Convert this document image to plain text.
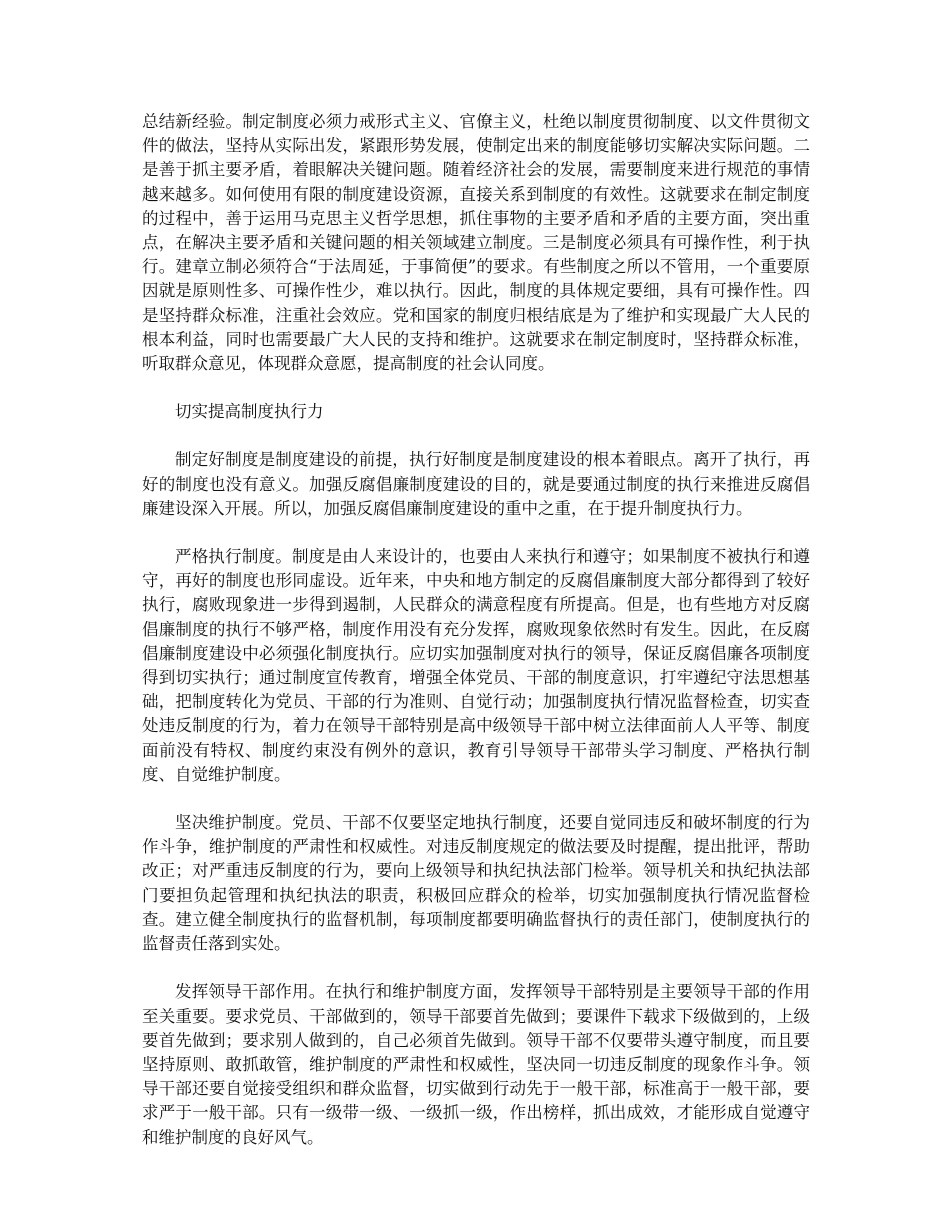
总结新经验。制定制度必须力戒形式主义、官僚主义，杜绝以制度贯彻制度、以文件贯彻文件的做法，坚持从实际出发，紧跟形势发展，使制定出来的制度能够切实解决实际问题。二是善于抓主要矛盾，着眼解决关键问题。随着经济社会的发展，需要制度来进行规范的事情越来越多。如何使用有限的制度建设资源，直接关系到制度的有效性。这就要求在制定制度的过程中，善于运用马克思主义哲学思想，抓住事物的主要矛盾和矛盾的主要方面，突出重点，在解决主要矛盾和关键问题的相关领域建立制度。三是制度必须具有可操作性，利于执行。建章立制必须符合“于法周延，于事简便”的要求。有些制度之所以不管用，一个重要原因就是原则性多、可操作性少，难以执行。因此，制度的具体规定要细，具有可操作性。四是坚持群众标准，注重社会效应。党和国家的制度归根结底是为了维护和实现最广大人民的根本利益，同时也需要最广大人民的支持和维护。这就要求在制定制度时，坚持群众标准，听取群众意见，体现群众意愿，提高制度的社会认同度。

切实提高制度执行力

制定好制度是制度建设的前提，执行好制度是制度建设的根本着眼点。离开了执行，再好的制度也没有意义。加强反腐倡廉制度建设的目的，就是要通过制度的执行来推进反腐倡廉建设深入开展。所以，加强反腐倡廉制度建设的重中之重，在于提升制度执行力。

严格执行制度。制度是由人来设计的，也要由人来执行和遵守；如果制度不被执行和遵守，再好的制度也形同虚设。近年来，中央和地方制定的反腐倡廉制度大部分都得到了较好执行，腐败现象进一步得到遏制，人民群众的满意程度有所提高。但是，也有些地方对反腐倡廉制度的执行不够严格，制度作用没有充分发挥，腐败现象依然时有发生。因此，在反腐倡廉制度建设中必须强化制度执行。应切实加强制度对执行的领导，保证反腐倡廉各项制度得到切实执行；通过制度宣传教育，增强全体党员、干部的制度意识，打牢遵纪守法思想基础，把制度转化为党员、干部的行为准则、自觉行动；加强制度执行情况监督检查，切实查处违反制度的行为，着力在领导干部特别是高中级领导干部中树立法律面前人人平等、制度面前没有特权、制度约束没有例外的意识，教育引导领导干部带头学习制度、严格执行制度、自觉维护制度。

坚决维护制度。党员、干部不仅要坚定地执行制度，还要自觉同违反和破坏制度的行为作斗争，维护制度的严肃性和权威性。对违反制度规定的做法要及时提醒，提出批评，帮助改正；对严重违反制度的行为，要向上级领导和执纪执法部门检举。领导机关和执纪执法部门要担负起管理和执纪执法的职责，积极回应群众的检举，切实加强制度执行情况监督检查。建立健全制度执行的监督机制，每项制度都要明确监督执行的责任部门，使制度执行的监督责任落到实处。

发挥领导干部作用。在执行和维护制度方面，发挥领导干部特别是主要领导干部的作用至关重要。要求党员、干部做到的，领导干部要首先做到；要课件下载求下级做到的，上级要首先做到；要求别人做到的，自己必须首先做到。领导干部不仅要带头遵守制度，而且要坚持原则、敢抓敢管，维护制度的严肃性和权威性，坚决同一切违反制度的现象作斗争。领导干部还要自觉接受组织和群众监督，切实做到行动先于一般干部，标准高于一般干部，要求严于一般干部。只有一级带一级、一级抓一级，作出榜样，抓出成效，才能形成自觉遵守和维护制度的良好风气。
